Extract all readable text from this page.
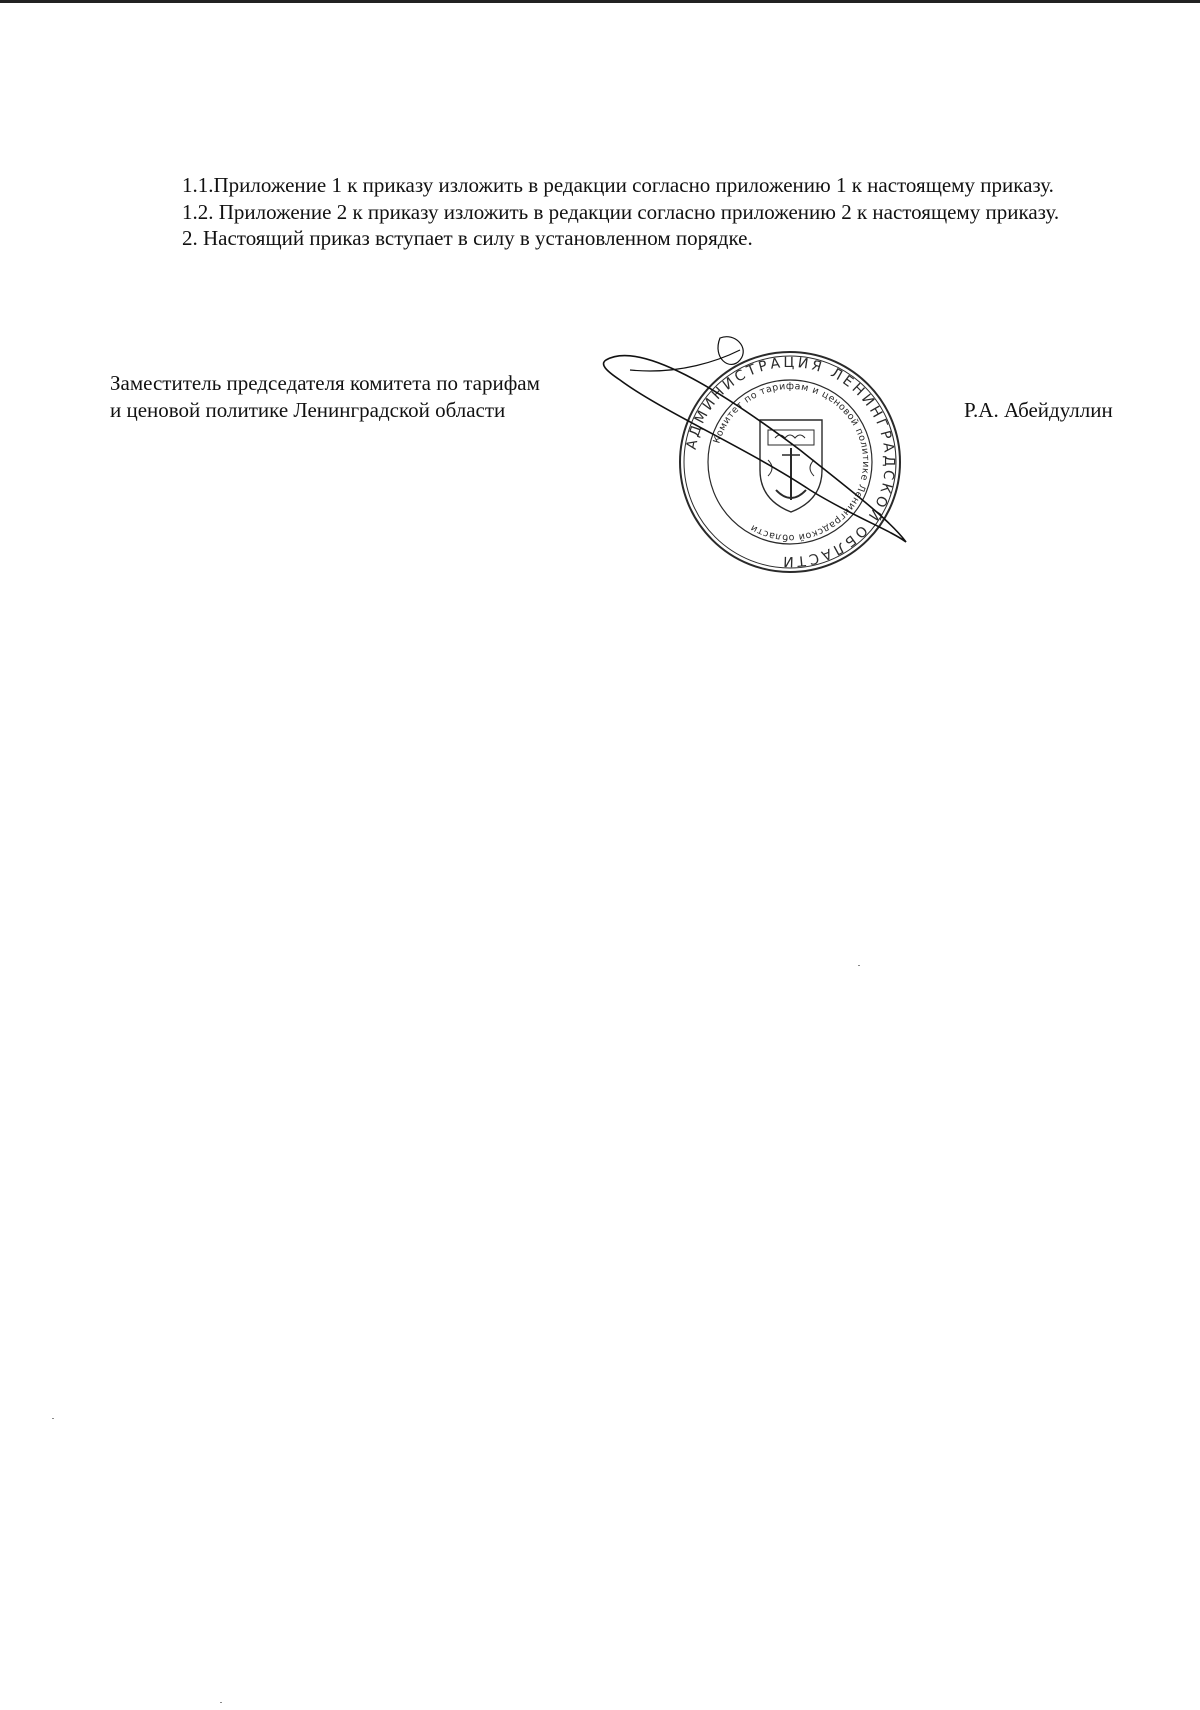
1.1.Приложение 1 к приказу изложить в редакции согласно приложению 1 к настоящему приказу.

1.2. Приложение 2 к приказу изложить в редакции согласно приложению 2 к настоящему приказу.

2. Настоящий приказ вступает в силу в установленном порядке.

Заместитель председателя комитета по тарифам
и ценовой политике Ленинградской области	Р.А. Абейдуллин
АДМИНИСТРАЦИЯ ЛЕНИНГРАДСКОЙ ОБЛАСТИ
Комитет по тарифам и ценовой политике Ленинградской области
